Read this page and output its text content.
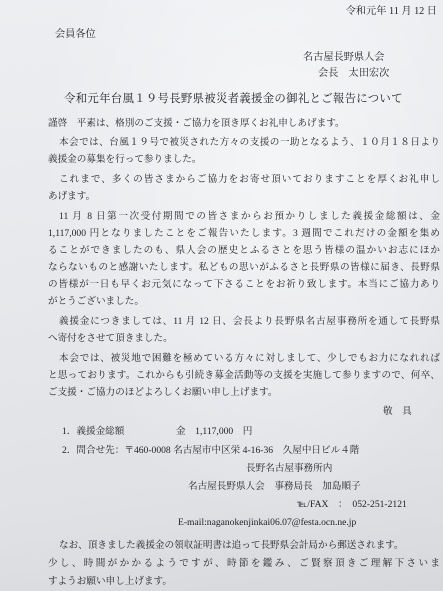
令和元年 11 月 12 日
会員各位
名古屋長野県人会
会長　太田宏次
令和元年台風１９号長野県被災者義援金の御礼とご報告について
謹啓　平素は、格別のご支援・ご協力を頂き厚くお礼申しあげます。
本会では、台風１９号で被災された方々の支援の一助となるよう、１０月１８日より
義援金の募集を行って参りました。
これまで、多くの皆さまからご協力をお寄せ頂いておりますことを厚くお礼申し
あげます。
11 月 8 日第一次受付期間での皆さまからお預かりしました義援金総額は、金
1,117,000 円となりましたことをご報告いたします。3 週間でこれだけの金額を集め
ることができましたのも、県人会の歴史とふるさとを思う皆様の温かいお志にほか
ならないものと感謝いたします。私どもの思いがふるさと長野県の皆様に届き、長野県
の皆様が一日も早くお元気になって下さることをお祈り致します。本当にご協力あり
がとうございました。
義援金につきましては、11 月 12 日、会長より長野県名古屋事務所を通して長野県
へ寄付をさせて頂きました。
本会では、被災地で困難を極めている方々に対しまして、少しでもお力になれれば
と思っております。これからも引続き募金活動等の支援を実施して参りますので、何卒、
ご支援・ご協力のほどよろしくお願い申し上げます。
敬　具
1．義援金総額	金　1,117,000　円
2．問合せ先：〒460-0008 名古屋市中区栄 4-16-36　久屋中日ビル４階
長野名古屋事務所内
名古屋長野県人会　事務局長　加島順子
℡/FAX　：　052-251-2121
E-mail:naganokenjinkai06.07@festa.ocn.ne.jp
なお、頂きました義援金の領収証明書は追って長野県会計局から郵送されます。
少し、時間がかかるようですが、時節を鑑み、ご賢察頂きご理解下さいま
すようお願い申し上げます。
